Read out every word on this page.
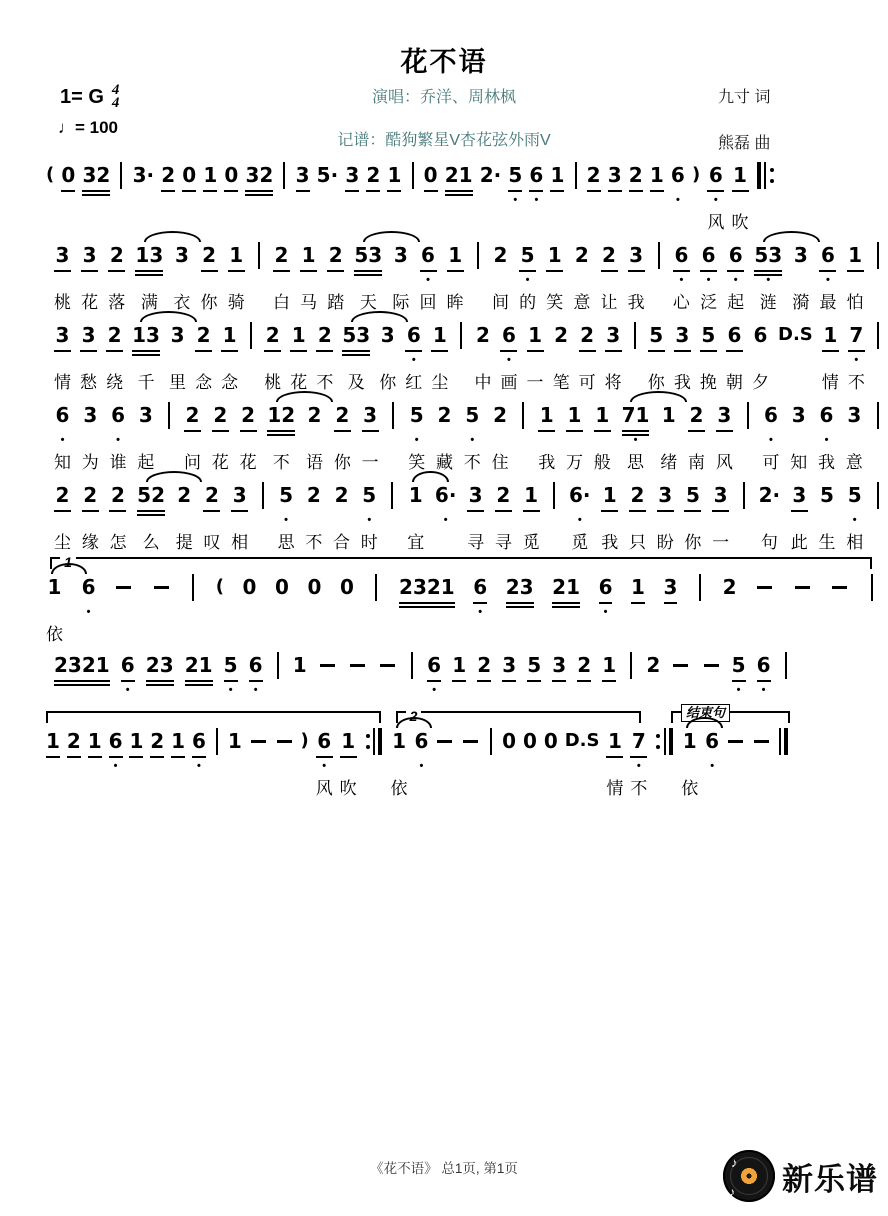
花不语
1= G 4
4
♩= 100
演唱：乔洋、周林枫
记谱：酷狗繁星V杏花弦外雨V
九寸 词

熊磊 曲
( 0 32 3· 2 0 1 0 32 3 5· 3 2 1 0 21 2· 5
•
6
•
1 2 3 2 1 6
•
) 6
•
风
1
吹
3
桃
3
花
2
落
13
满
3
衣
2
你
1
骑
2
白
1
马
2
踏
53
天
3
际
6
•
回
1
眸
2
间
5
•
的
1
笑
2
意
2
让
3
我
6
•
心
6
•
泛
6
•
起
53
•
涟
3
漪
6
•
最
1
怕
3
情
3
愁
2
绕
13
千
3
里
2
念
1
念
2
桃
1
花
2
不
53
及
3
你
6
•
红
1
尘
2
中
6
•
画
1
一
2
笔
2
可
3
将
5
你
3
我
5
挽
6
朝
6
夕
D.S 1
情
7
•
不
6
•
知
3
为
6
•
谁
3
起
2
问
2
花
2
花
12
不
2
语
2
你
3
一
5
•
笑
2
藏
5
•
不
2
住
1
我
1
万
1
般
71
•
思
1
绪
2
南
3
风
6
•
可
3
知
6
•
我
3
意
2
尘
2
缘
2
怎
52
么
2
提
2
叹
3
相
5
•
思
2
不
2
合
5
•
时
1
宜
6·
•
3
寻
2
寻
1
觅
6·
•
觅
1
我
2
只
3
盼
5
你
3
一
2·
句
3
此
5
生
5
•
相
1
1
依
6
•
( 0 0 0 0 2321 6
•
23 21 6
•
1 3 2
2321 6
•
23 21 5
•
6
•
1	6
•
1 2 3 5 3 2 1 2	5
•
6
•
2	结束句
1 2 1 6
•
1 2 1 6
•
1	) 6
•
风
1
吹
1
依
6
•
0 0 0 D.S 1
情
7
•
不
1
依
6
•
《花不语》 总1页, 第1页	♪
♪ 新乐谱
